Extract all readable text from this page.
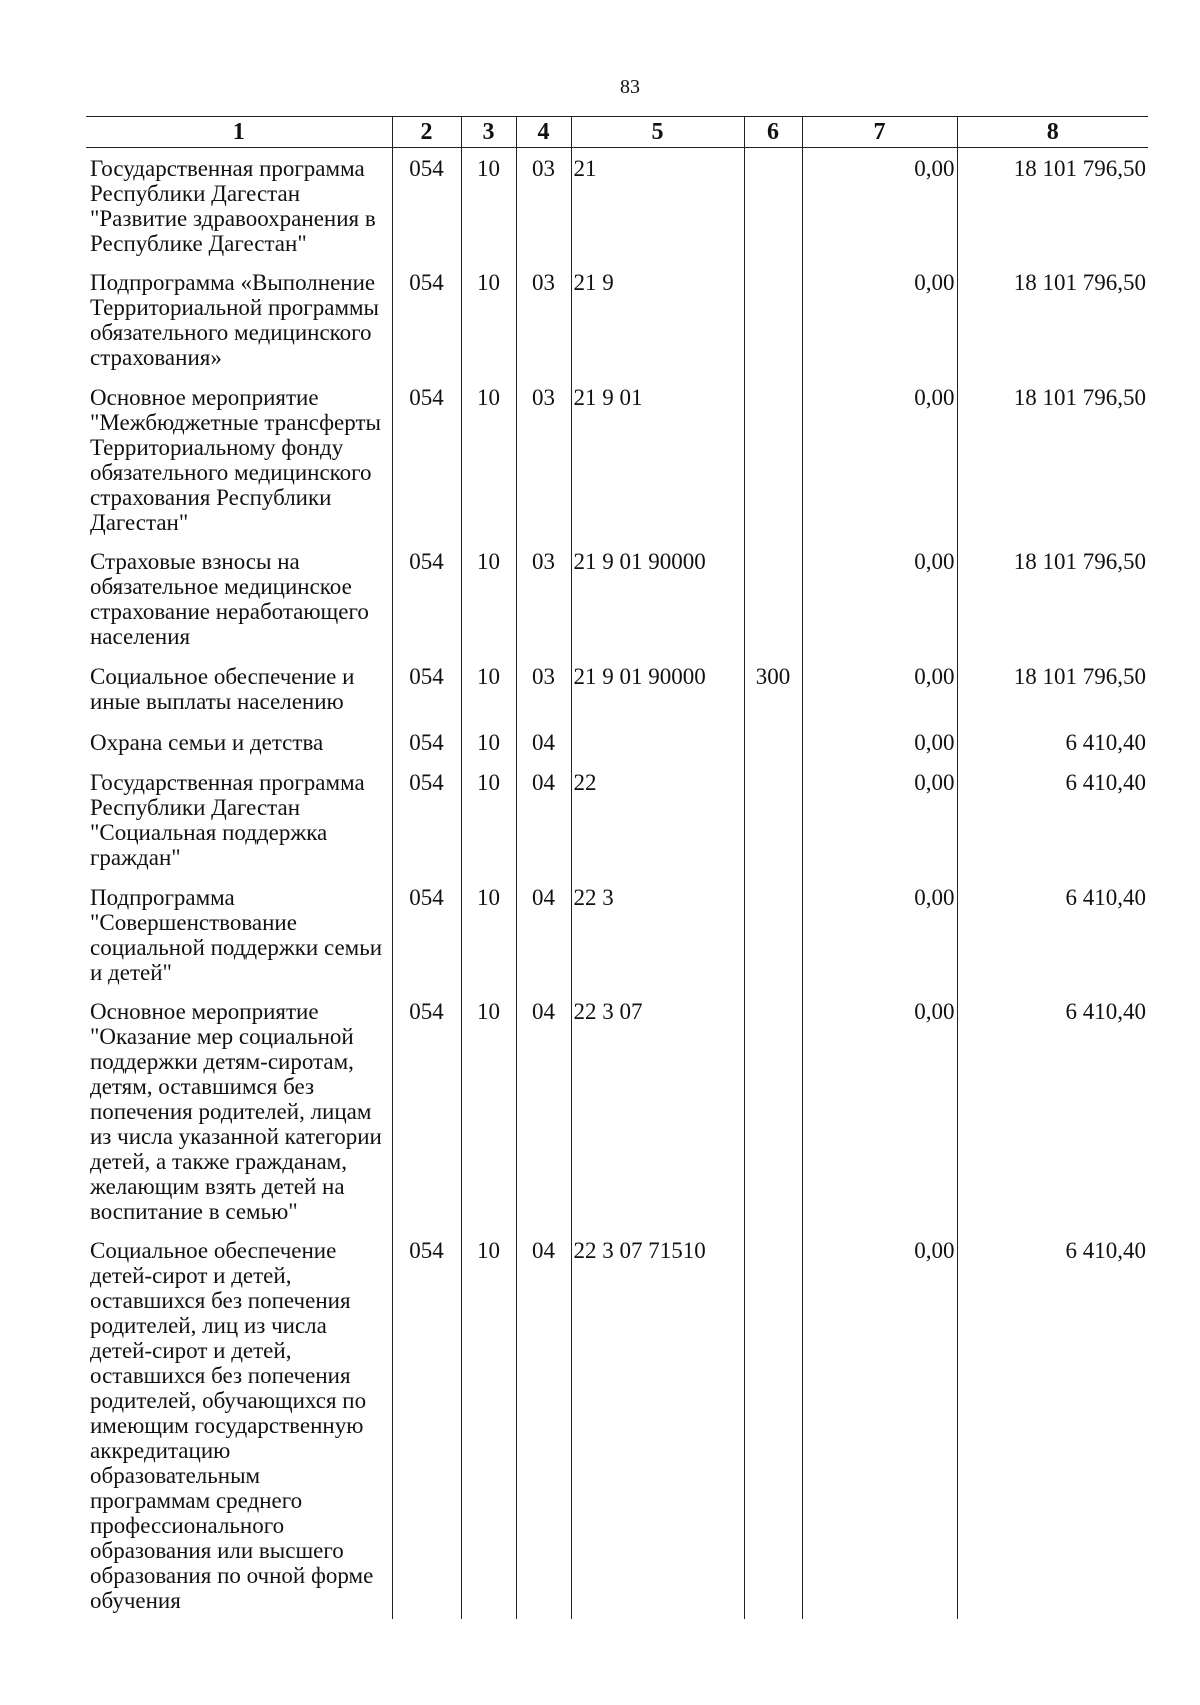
83
1	2	3	4	5	6	7	8
Государственная программа Республики Дагестан "Развитие здравоохранения в Республике Дагестан"	054	10	03	21		0,00	18 101 796,50
Подпрограмма «Выполнение Территориальной программы обязательного медицинского страхования»	054	10	03	21 9		0,00	18 101 796,50
Основное мероприятие "Межбюджетные трансферты Территориальному фонду обязательного медицинского страхования Республики Дагестан"	054	10	03	21 9 01		0,00	18 101 796,50
Страховые взносы на обязательное медицинское страхование неработающего населения	054	10	03	21 9 01 90000		0,00	18 101 796,50
Социальное обеспечение и иные выплаты населению	054	10	03	21 9 01 90000	300	0,00	18 101 796,50
Охрана семьи и детства	054	10	04			0,00	6 410,40
Государственная программа Республики Дагестан "Социальная поддержка граждан"	054	10	04	22		0,00	6 410,40
Подпрограмма "Совершенствование социальной поддержки семьи и детей"	054	10	04	22 3		0,00	6 410,40
Основное мероприятие "Оказание мер социальной поддержки детям-сиротам, детям, оставшимся без попечения родителей, лицам из числа указанной категории детей, а также гражданам, желающим взять детей на воспитание в семью"	054	10	04	22 3 07		0,00	6 410,40
Социальное обеспечение детей-сирот и детей, оставшихся без попечения родителей, лиц из числа детей-сирот и детей, оставшихся без попечения родителей, обучающихся по имеющим государственную аккредитацию образовательным программам среднего профессионального образования или высшего образования по очной форме обучения	054	10	04	22 3 07 71510		0,00	6 410,40
